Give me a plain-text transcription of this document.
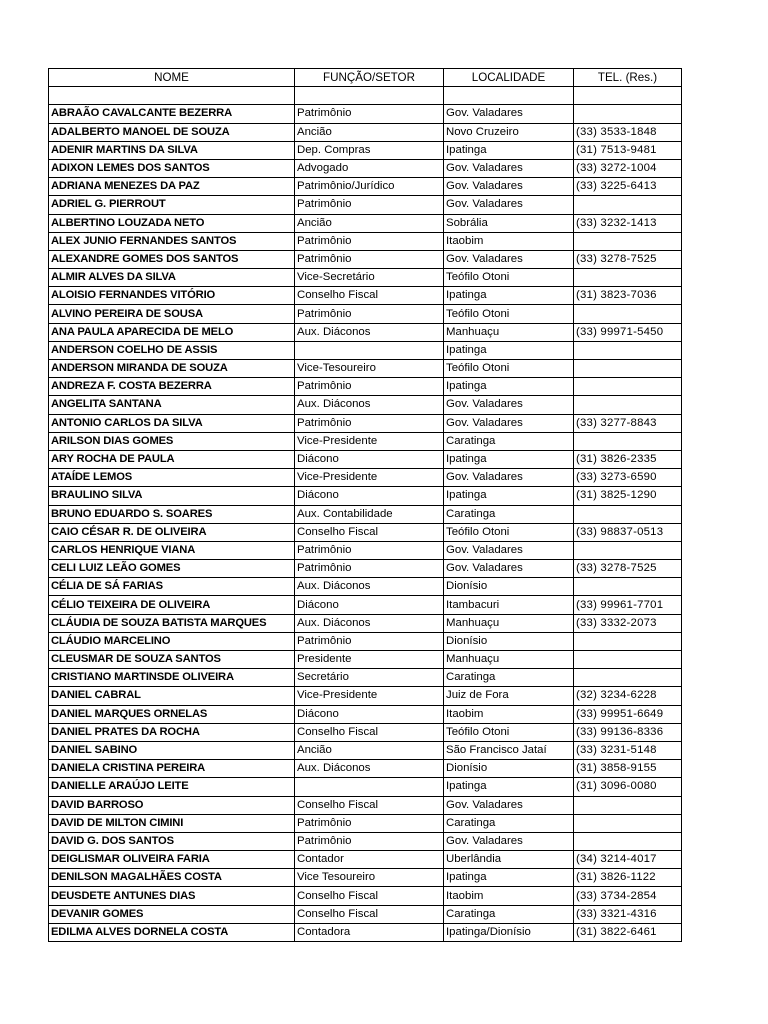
NOME	FUNÇÃO/SETOR	LOCALIDADE	TEL. (Res.)

ABRAÃO CAVALCANTE BEZERRA	Patrimônio	Gov. Valadares	
ADALBERTO MANOEL DE SOUZA	Ancião	Novo Cruzeiro	(33) 3533-1848
ADENIR MARTINS DA SILVA	Dep. Compras	Ipatinga	(31) 7513-9481
ADIXON LEMES DOS SANTOS	Advogado	Gov. Valadares	(33) 3272-1004
ADRIANA MENEZES DA PAZ	Patrimônio/Jurídico	Gov. Valadares	(33) 3225-6413
ADRIEL G. PIERROUT	Patrimônio	Gov. Valadares	
ALBERTINO LOUZADA NETO	Ancião	Sobrália	(33) 3232-1413
ALEX JUNIO FERNANDES SANTOS	Patrimônio	Itaobim	
ALEXANDRE GOMES DOS SANTOS	Patrimônio	Gov. Valadares	(33) 3278-7525
ALMIR ALVES DA SILVA	Vice-Secretário	Teófilo Otoni	
ALOISIO FERNANDES VITÓRIO	Conselho Fiscal	Ipatinga	(31) 3823-7036
ALVINO PEREIRA DE SOUSA	Patrimônio	Teófilo Otoni	
ANA PAULA APARECIDA DE MELO	Aux. Diáconos	Manhuaçu	(33) 99971-5450
ANDERSON COELHO DE ASSIS		Ipatinga	
ANDERSON MIRANDA DE SOUZA	Vice-Tesoureiro	Teófilo Otoni	
ANDREZA F. COSTA BEZERRA	Patrimônio	Ipatinga	
ANGELITA SANTANA	Aux. Diáconos	Gov. Valadares	
ANTONIO CARLOS DA SILVA	Patrimônio	Gov. Valadares	(33) 3277-8843
ARILSON DIAS GOMES	Vice-Presidente	Caratinga	
ARY ROCHA DE PAULA	Diácono	Ipatinga	(31) 3826-2335
ATAÍDE LEMOS	Vice-Presidente	Gov. Valadares	(33) 3273-6590
BRAULINO SILVA	Diácono	Ipatinga	(31) 3825-1290
BRUNO EDUARDO S. SOARES	Aux. Contabilidade	Caratinga	
CAIO CÉSAR R. DE OLIVEIRA	Conselho Fiscal	Teófilo Otoni	(33) 98837-0513
CARLOS HENRIQUE VIANA	Patrimônio	Gov. Valadares	
CELI LUIZ LEÃO GOMES	Patrimônio	Gov. Valadares	(33) 3278-7525
CÉLIA DE SÁ FARIAS	Aux. Diáconos	Dionísio	
CÉLIO TEIXEIRA DE OLIVEIRA	Diácono	Itambacuri	(33) 99961-7701
CLÁUDIA DE SOUZA BATISTA MARQUES	Aux. Diáconos	Manhuaçu	(33) 3332-2073
CLÁUDIO MARCELINO	Patrimônio	Dionísio	
CLEUSMAR DE SOUZA SANTOS	Presidente	Manhuaçu	
CRISTIANO MARTINSDE OLIVEIRA	Secretário	Caratinga	
DANIEL CABRAL	Vice-Presidente	Juiz de Fora	(32) 3234-6228
DANIEL MARQUES ORNELAS	Diácono	Itaobim	(33) 99951-6649
DANIEL PRATES DA ROCHA	Conselho Fiscal	Teófilo Otoni	(33) 99136-8336
DANIEL SABINO	Ancião	São Francisco Jataí	(33) 3231-5148
DANIELA CRISTINA PEREIRA	Aux. Diáconos	Dionísio	(31) 3858-9155
DANIELLE ARAÚJO LEITE		Ipatinga	(31) 3096-0080
DAVID BARROSO	Conselho Fiscal	Gov. Valadares	
DAVID DE MILTON CIMINI	Patrimônio	Caratinga	
DAVID G. DOS SANTOS	Patrimônio	Gov. Valadares	
DEIGLISMAR OLIVEIRA FARIA	Contador	Uberlândia	(34) 3214-4017
DENILSON MAGALHÃES COSTA	Vice Tesoureiro	Ipatinga	(31) 3826-1122
DEUSDETE ANTUNES DIAS	Conselho Fiscal	Itaobim	(33) 3734-2854
DEVANIR GOMES	Conselho Fiscal	Caratinga	(33) 3321-4316
EDILMA ALVES DORNELA COSTA	Contadora	Ipatinga/Dionísio	(31) 3822-6461
